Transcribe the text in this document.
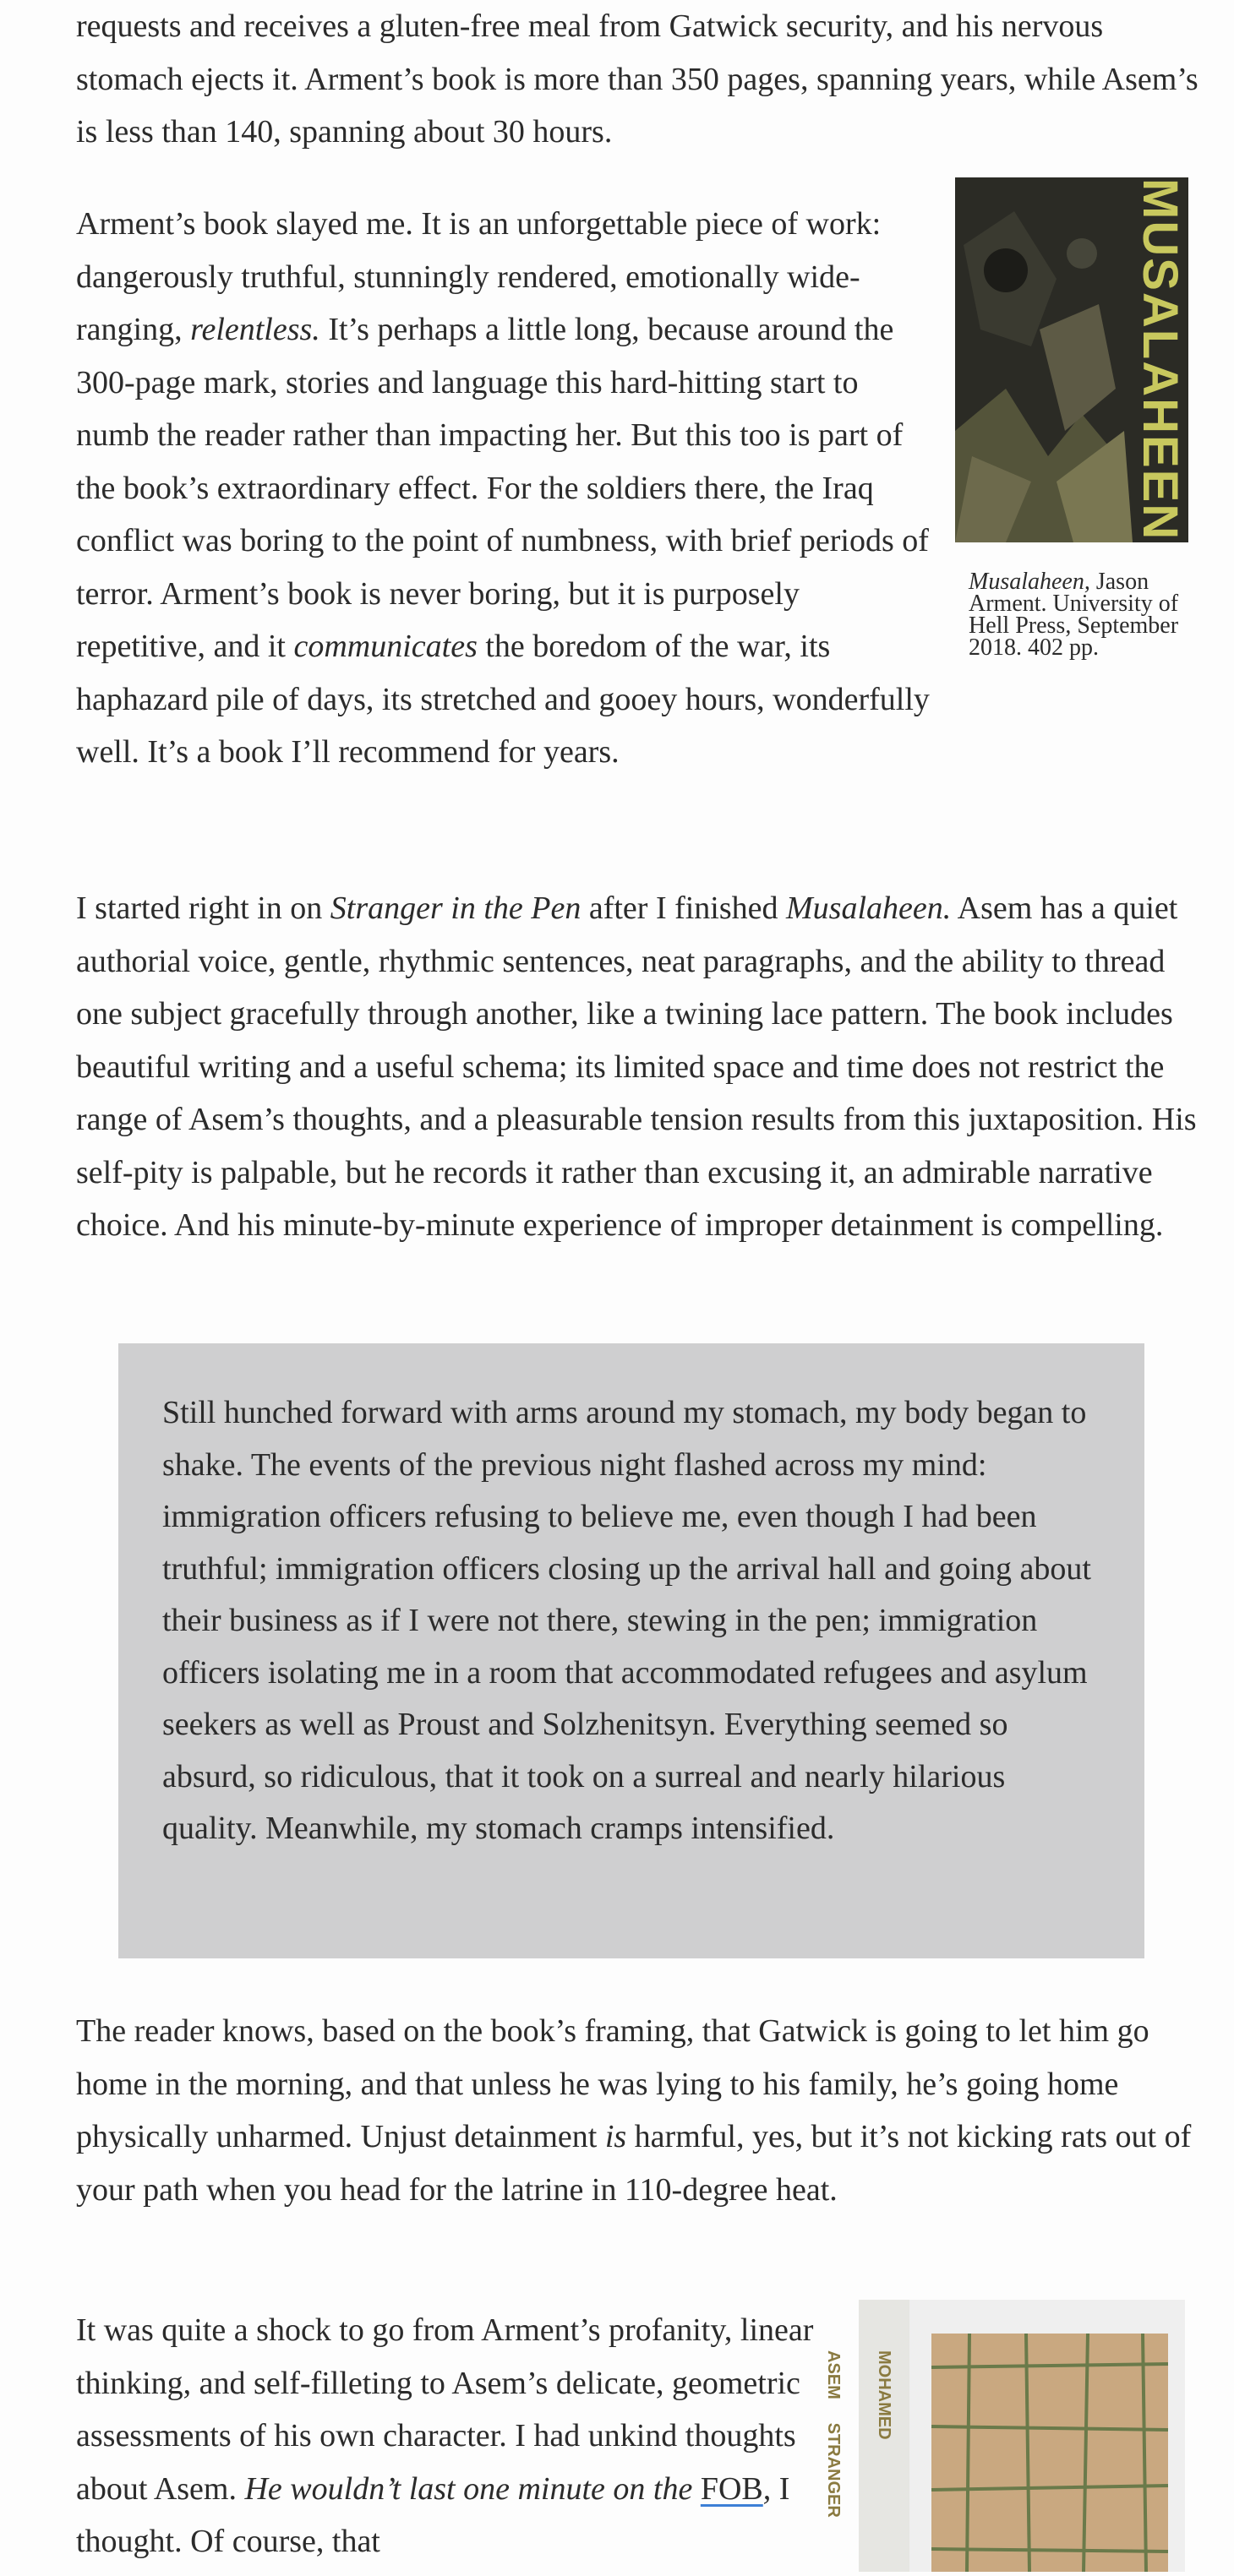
requests and receives a gluten-free meal from Gatwick security, and his nervous stomach ejects it. Arment’s book is more than 350 pages, spanning years, while Asem’s is less than 140, spanning about 30 hours.

Arment’s book slayed me. It is an unforgettable piece of work: dangerously truthful, stunningly rendered, emotionally wide-ranging, relentless. It’s perhaps a little long, because around the 300-page mark, stories and language this hard-hitting start to numb the reader rather than impacting her. But this too is part of the book’s extraordinary effect. For the soldiers there, the Iraq conflict was boring to the point of numbness, with brief periods of terror. Arment’s book is never boring, but it is purposely repetitive, and it communicates the boredom of the war, its haphazard pile of days, its stretched and gooey hours, wonderfully well. It’s a book I’ll recommend for years.

MUSALAHEEN

Musalaheen, Jason Arment. University of Hell Press, September 2018. 402 pp.

I started right in on Stranger in the Pen after I finished Musalaheen. Asem has a quiet authorial voice, gentle, rhythmic sentences, neat paragraphs, and the ability to thread one subject gracefully through another, like a twining lace pattern. The book includes beautiful writing and a useful schema; its limited space and time does not restrict the range of Asem’s thoughts, and a pleasurable tension results from this juxtaposition. His self-pity is palpable, but he records it rather than excusing it, an admirable narrative choice. And his minute-by-minute experience of improper detainment is compelling.

Still hunched forward with arms around my stomach, my body began to shake. The events of the previous night flashed across my mind: immigration officers refusing to believe me, even though I had been truthful; immigration officers closing up the arrival hall and going about their business as if I were not there, stewing in the pen; immigration officers isolating me in a room that accommodated refugees and asylum seekers as well as Proust and Solzhenitsyn. Everything seemed so absurd, so ridiculous, that it took on a surreal and nearly hilarious quality. Meanwhile, my stomach cramps intensified.

The reader knows, based on the book’s framing, that Gatwick is going to let him go home in the morning, and that unless he was lying to his family, he’s going home physically unharmed. Unjust detainment is harmful, yes, but it’s not kicking rats out of your path when you head for the latrine in 110-degree heat.

It was quite a shock to go from Arment’s profanity, linear thinking, and self-filleting to Asem’s delicate, geometric assessments of his own character. I had unkind thoughts about Asem. He wouldn’t last one minute on the FOB, I thought. Of course, that

MOHAMED ASEM     STRANGER
